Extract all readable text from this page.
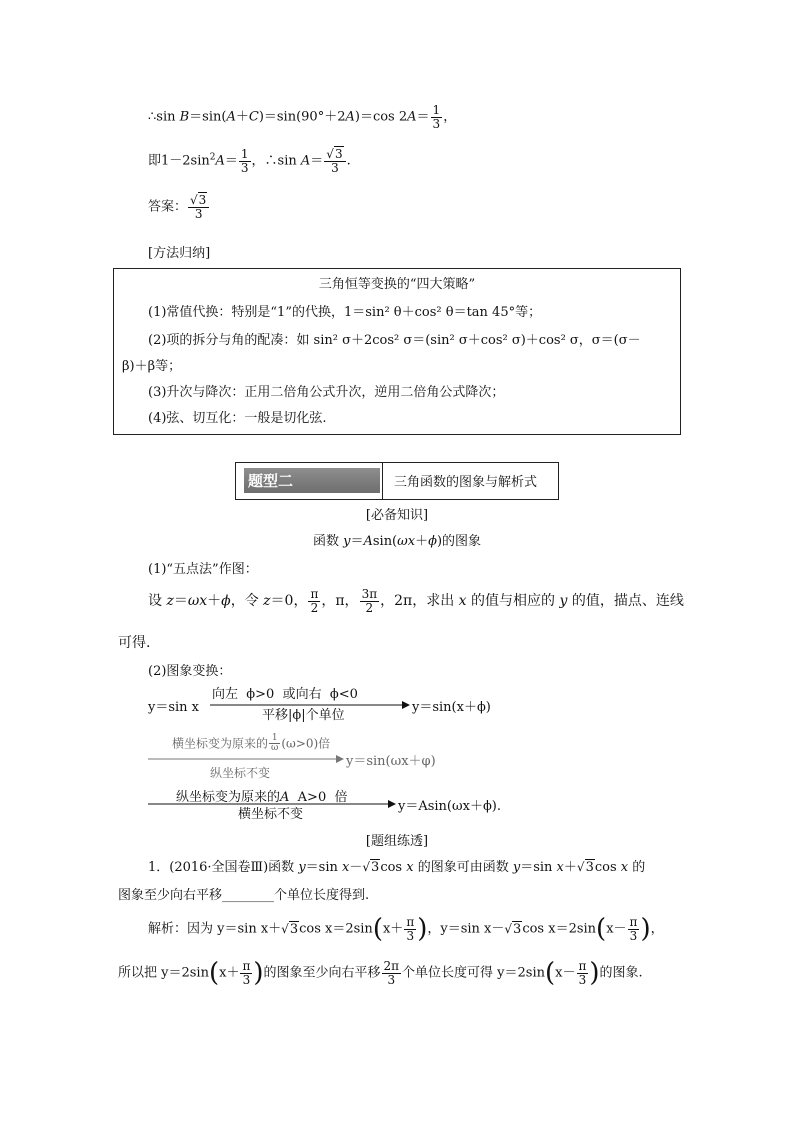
∴sin B＝sin(A＋C)＝sin(90°＋2A)＝cos $2A= \frac{1}{3}$ ，
即$1-2\sin^2A= \frac{1}{3}$ ，∴sin $A= \frac{√3}{3}$ .
答案： $\frac{√3}{3}$
[方法归纳]
三角恒等变换的“四大策略”
(1)常值代换：特别是“1”的代换，1＝sin² θ＋cos² θ＝tan 45°等；
(2)项的拆分与角的配凑：如 sin² σ＋2cos² σ＝(sin² σ＋cos² σ)＋cos² σ，σ＝(σ－
β)＋β等；
(3)升次与降次：正用二倍角公式升次，逆用二倍角公式降次；
(4)弦、切互化：一般是切化弦.
题型二	三角函数的图象与解析式
[必备知识]
函数 y＝Asin(ωx＋ϕ)的图象
(1)“五点法”作图：
设 z＝ωx＋ϕ，令 z＝0， $\frac{\pi}{2}$ ，π， $\frac{3\pi}{2}$ ，2π，求出 x 的值与相应的 y 的值，描点、连线
可得.
(2)图象变换：
y＝sin x
向左 ϕ>0 或向右 ϕ<0
平移|ϕ|个单位
y＝sin(x＋ϕ)
横坐标变为原来的 $\frac{1}{\omega} (\omega>0)$倍
纵坐标不变
y＝sin(ωx＋φ)
纵坐标变为原来的A A>0 倍
横坐标不变
y＝Asin(ωx＋ϕ).
[题组练透]
1．(2016·全国卷Ⅲ)函数 y＝sin x－√3cos x 的图象可由函数 y＝sin x＋√3cos x 的
图象至少向右平移________个单位长度得到.
解析：因为 y＝sin x＋√3cos $x=2\sin(x+ \frac{\pi}{3}$ )，y＝sin x－√3cos $x=2\sin(x- \frac{\pi}{3}$ )，
所以把 $y=2\sin(x+ \frac{\pi}{3}$ )的图象至少向右平移 $\frac{2\pi}{3}$ 个单位长度可得 $y=2\sin(x- \frac{\pi}{3}$ )的图象.
